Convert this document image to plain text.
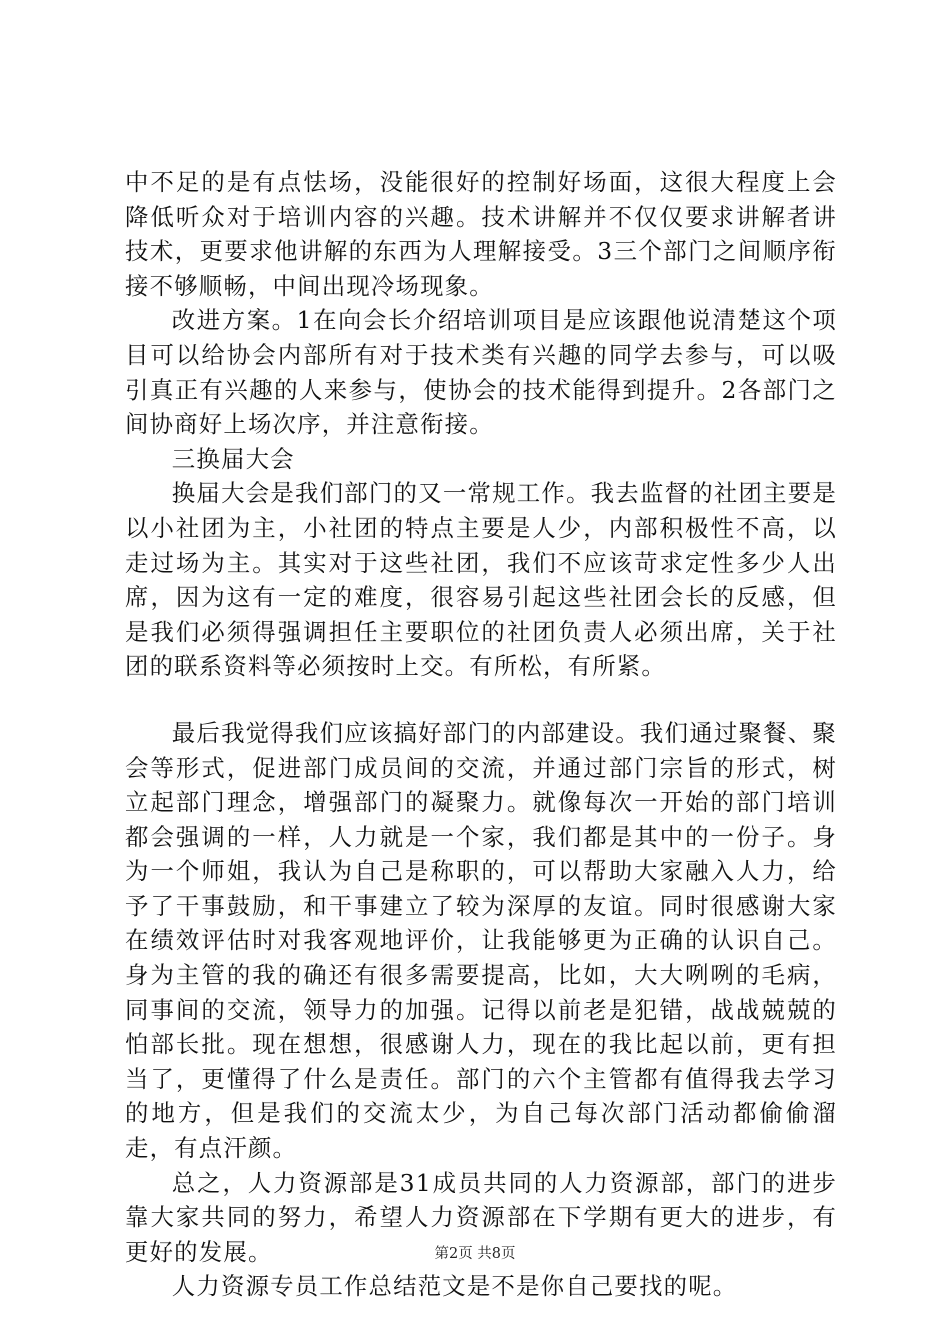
中不足的是有点怯场，没能很好的控制好场面，这很大程度上会降低听众对于培训内容的兴趣。技术讲解并不仅仅要求讲解者讲技术，更要求他讲解的东西为人理解接受。3三个部门之间顺序衔接不够顺畅，中间出现冷场现象。

改进方案。1在向会长介绍培训项目是应该跟他说清楚这个项目可以给协会内部所有对于技术类有兴趣的同学去参与，可以吸引真正有兴趣的人来参与，使协会的技术能得到提升。2各部门之间协商好上场次序，并注意衔接。

三换届大会

换届大会是我们部门的又一常规工作。我去监督的社团主要是以小社团为主，小社团的特点主要是人少，内部积极性不高，以走过场为主。其实对于这些社团，我们不应该苛求定性多少人出席，因为这有一定的难度，很容易引起这些社团会长的反感，但是我们必须得强调担任主要职位的社团负责人必须出席，关于社团的联系资料等必须按时上交。有所松，有所紧。

最后我觉得我们应该搞好部门的内部建设。我们通过聚餐、聚会等形式，促进部门成员间的交流，并通过部门宗旨的形式，树立起部门理念，增强部门的凝聚力。就像每次一开始的部门培训都会强调的一样，人力就是一个家，我们都是其中的一份子。身为一个师姐，我认为自己是称职的，可以帮助大家融入人力，给予了干事鼓励，和干事建立了较为深厚的友谊。同时很感谢大家在绩效评估时对我客观地评价，让我能够更为正确的认识自己。身为主管的我的确还有很多需要提高，比如，大大咧咧的毛病，同事间的交流，领导力的加强。记得以前老是犯错，战战兢兢的怕部长批。现在想想，很感谢人力，现在的我比起以前，更有担当了，更懂得了什么是责任。部门的六个主管都有值得我去学习的地方，但是我们的交流太少，为自己每次部门活动都偷偷溜走，有点汗颜。

总之，人力资源部是31成员共同的人力资源部，部门的进步靠大家共同的努力，希望人力资源部在下学期有更大的进步，有更好的发展。

人力资源专员工作总结范文是不是你自己要找的呢。

第2页 共8页
